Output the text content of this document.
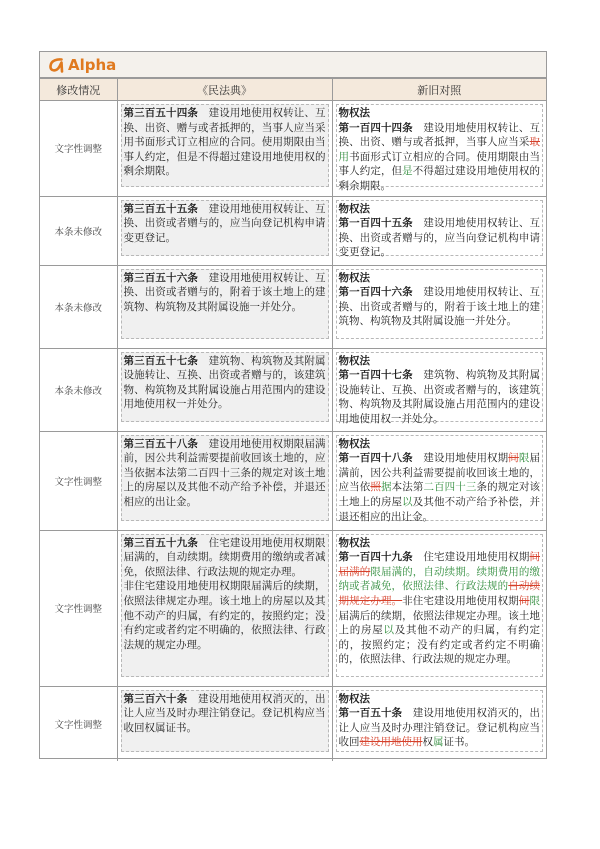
Alpha
修改情况	《民法典》	新旧对照
文字性调整	第三百五十四条　建设用地使用权转让、互换、出资、赠与或者抵押的，当事人应当采用书面形式订立相应的合同。使用期限由当事人约定，但是不得超过建设用地使用权的剩余期限。	物权法
第一百四十四条　建设用地使用权转让、互换、出资、赠与或者抵押，当事人应当采取用书面形式订立相应的合同。使用期限由当事人约定，但是不得超过建设用地使用权的剩余期限。

本条未修改	第三百五十五条　建设用地使用权转让、互换、出资或者赠与的，应当向登记机构申请变更登记。	物权法
第一百四十五条　建设用地使用权转让、互换、出资或者赠与的，应当向登记机构申请变更登记。

本条未修改	第三百五十六条　建设用地使用权转让、互换、出资或者赠与的，附着于该土地上的建筑物、构筑物及其附属设施一并处分。	物权法
第一百四十六条　建设用地使用权转让、互换、出资或者赠与的，附着于该土地上的建筑物、构筑物及其附属设施一并处分。

本条未修改	第三百五十七条　建筑物、构筑物及其附属设施转让、互换、出资或者赠与的，该建筑物、构筑物及其附属设施占用范围内的建设用地使用权一并处分。	物权法
第一百四十七条　建筑物、构筑物及其附属设施转让、互换、出资或者赠与的，该建筑物、构筑物及其附属设施占用范围内的建设用地使用权一并处分。

文字性调整	第三百五十八条　建设用地使用权期限届满前，因公共利益需要提前收回该土地的，应当依据本法第二百四十三条的规定对该土地上的房屋以及其他不动产给予补偿，并退还相应的出让金。	物权法
第一百四十八条　建设用地使用权期间限届满前，因公共利益需要提前收回该土地的，应当依照据本法第二百四十三条的规定对该土地上的房屋以及其他不动产给予补偿，并退还相应的出让金。

文字性调整	第三百五十九条　住宅建设用地使用权期限届满的，自动续期。续期费用的缴纳或者减免，依照法律、行政法规的规定办理。
非住宅建设用地使用权期限届满后的续期，依照法律规定办理。该土地上的房屋以及其他不动产的归属，有约定的，按照约定；没有约定或者约定不明确的，依照法律、行政法规的规定办理。	物权法
第一百四十九条　住宅建设用地使用权期间届满的限届满的，自动续期。续期费用的缴纳或者减免，依照法律、行政法规的自动续期规定办理。非住宅建设用地使用权期间限届满后的续期，依照法律规定办理。该土地上的房屋以及其他不动产的归属，有约定的，按照约定；没有约定或者约定不明确的，依照法律、行政法规的规定办理。

文字性调整	第三百六十条　建设用地使用权消灭的，出让人应当及时办理注销登记。登记机构应当收回权属证书。	物权法
第一百五十条　建设用地使用权消灭的，出让人应当及时办理注销登记。登记机构应当收回建设用地使用权属证书。
